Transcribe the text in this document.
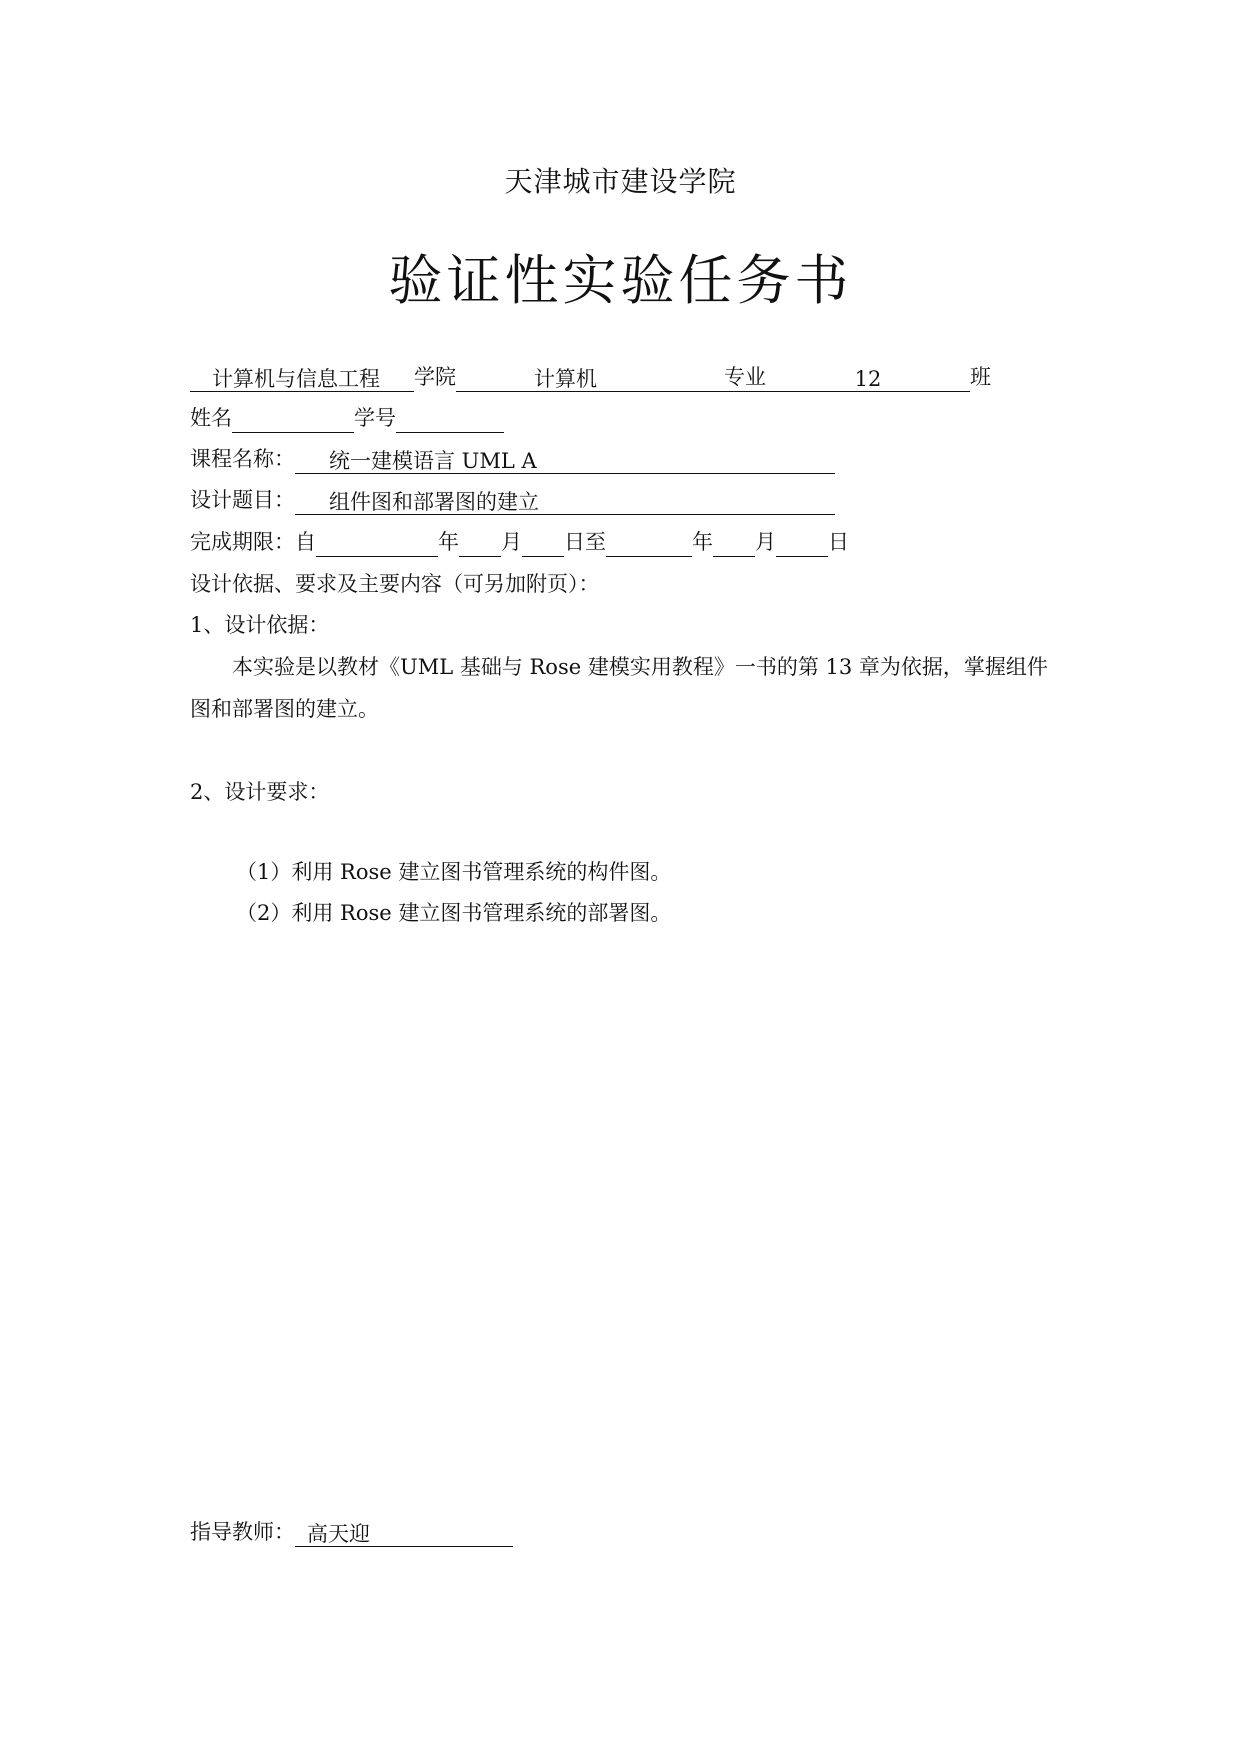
天津城市建设学院
验证性实验任务书
计算机与信息工程 学院	计算机	专业	12	班
姓名	学号
课程名称： 统一建模语言 UML A
设计题目： 组件图和部署图的建立
完成期限：自	年 月 日至	年 月 日
设计依据、要求及主要内容（可另加附页）：
1、设计依据：
本实验是以教材《UML 基础与 Rose 建模实用教程》一书的第 13 章为依据，掌握组件图和部署图的建立。
2、设计要求：
（1）利用 Rose 建立图书管理系统的构件图。
（2）利用 Rose 建立图书管理系统的部署图。
指导教师： 高天迎
